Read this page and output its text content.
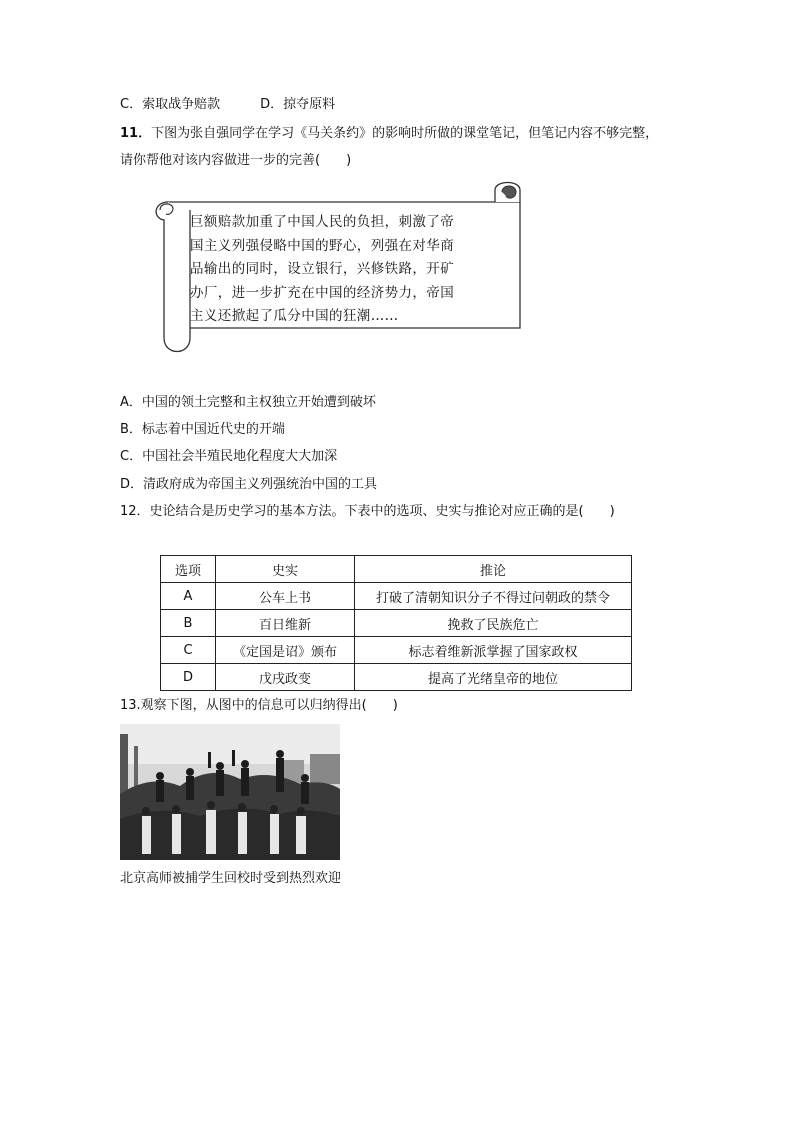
C．索取战争赔款	D．掠夺原料
11．下图为张自强同学在学习《马关条约》的影响时所做的课堂笔记，但笔记内容不够完整，
请你帮他对该内容做进一步的完善(　　)
巨额赔款加重了中国人民的负担，刺激了帝
国主义列强侵略中国的野心，列强在对华商
品输出的同时，设立银行，兴修铁路，开矿
办厂，进一步扩充在中国的经济势力，帝国
主义还掀起了瓜分中国的狂潮……
A．中国的领土完整和主权独立开始遭到破坏
B．标志着中国近代史的开端
C．中国社会半殖民地化程度大大加深
D．清政府成为帝国主义列强统治中国的工具
12．史论结合是历史学习的基本方法。下表中的选项、史实与推论对应正确的是(　　)
选项	史实	推论
A	公车上书	打破了清朝知识分子不得过问朝政的禁令
B	百日维新	挽救了民族危亡
C	《定国是诏》颁布	标志着维新派掌握了国家政权
D	戊戌政变	提高了光绪皇帝的地位
13.观察下图，从图中的信息可以归纳得出(　　)
北京高师被捕学生回校时受到热烈欢迎
